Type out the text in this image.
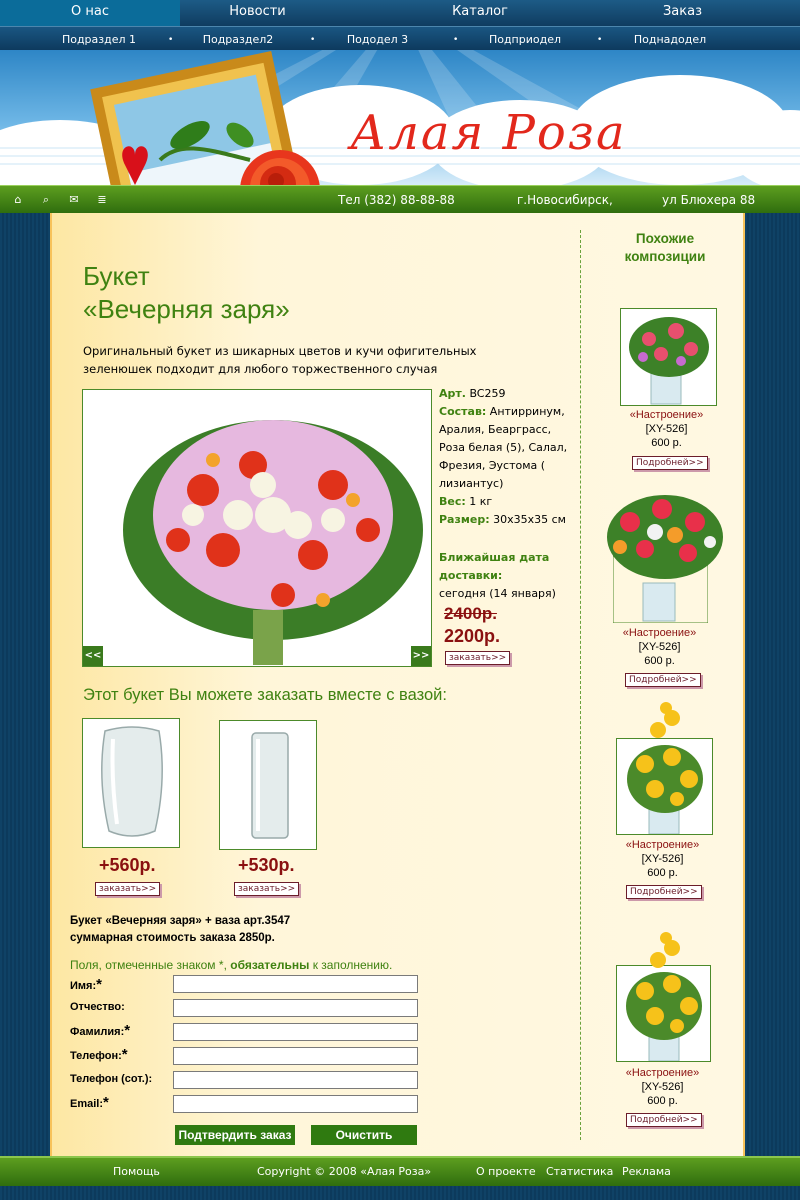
О нас	Новости	Каталог	Заказ
Подраздел 1	•	Подраздел2	•	Пододел 3	•	Подприодел	•	Поднадодел
Алая Роза
⌂	⌕	✉	≣	Тел (382) 88-88-88	г.Новосибирск,	ул Блюхера 88
Букет
«Вечерняя заря»
Оригинальный букет из шикарных цветов и кучи офигительных
зеленюшек подходит для любого торжественного случая
<<	>>
Арт. BC259
Состав: Антирринум,
Аралия, Беаргрaсс,
Роза белая (5), Салал,
Фрезия, Эустома (
лизиантус)
Вес: 1 кг
Размер: 30x35x35 см
Ближайшая дата
доставки:
сегодня (14 января)
2400р.
2200р.
заказать>>
Этот букет Вы можете заказать вместе с вазой:
+560р.	+530р.
заказать>>	заказать>>
Букет «Вечерняя заря» + ваза арт.3547
суммарная стоимость заказа 2850р.
Поля, отмеченные знаком *, обязательны к заполнению.
Имя:*
Отчество:
Фамилия:*
Телефон:*
Телефон (сот.):
Email:*
Подтвердить заказ	Очистить
Похожие
композиции
«Настроение»
[XY-526]
600 р.
Подробней>>
«Настроение»
[XY-526]
600 р.
Подробней>>
«Настроение»
[XY-526]
600 р.
Подробней>>
«Настроение»
[XY-526]
600 р.
Подробней>>
Помощь	Copyright © 2008 «Алая Роза»	О проекте Статистика Реклама
